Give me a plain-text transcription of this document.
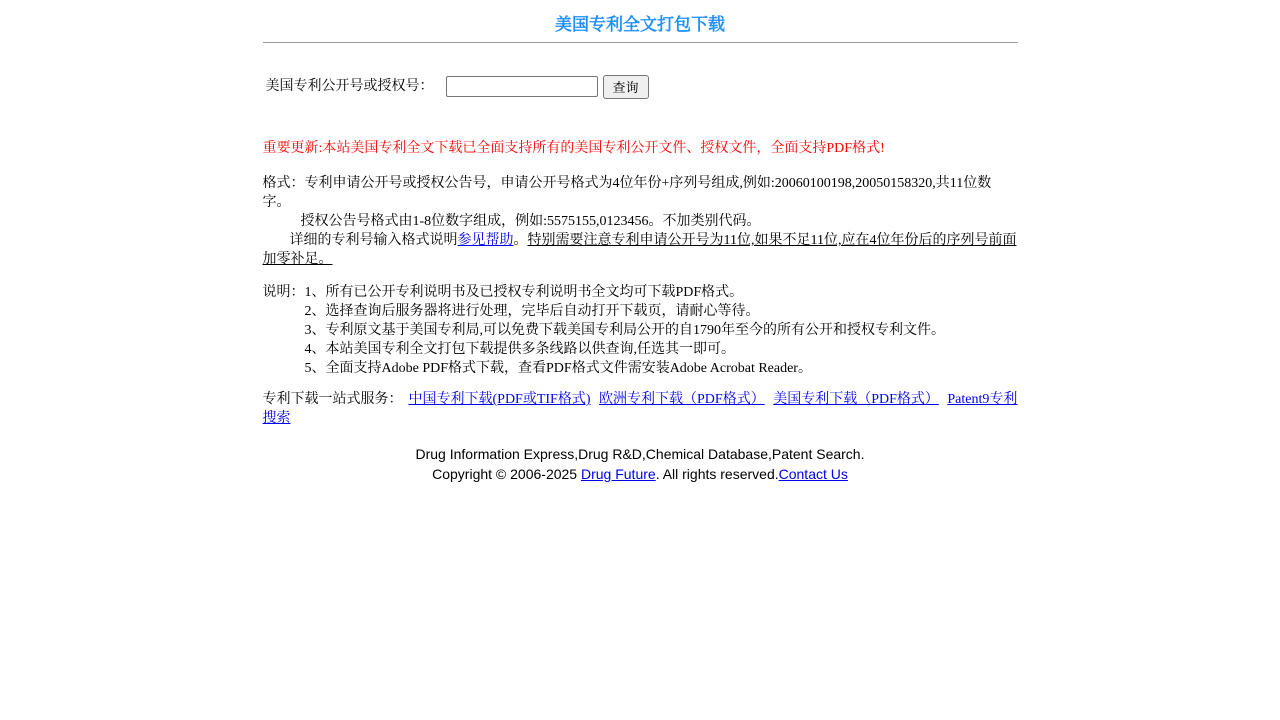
美国专利全文打包下载
美国专利公开号或授权号：	查询

重要更新:本站美国专利全文下载已全面支持所有的美国专利公开文件、授权文件，全面支持PDF格式!

格式：专利申请公开号或授权公告号，申请公开号格式为4位年份+序列号组成,例如:20060100198,20050158320,共11位数字。
授权公告号格式由1-8位数字组成，例如:5575155,0123456。不加类别代码。
详细的专利号输入格式说明参见帮助。特别需要注意专利申请公开号为11位,如果不足11位,应在4位年份后的序列号前面加零补足。

说明： 1、所有已公开专利说明书及已授权专利说明书全文均可下载PDF格式。
2、选择查询后服务器将进行处理，完毕后自动打开下载页，请耐心等待。
3、专利原文基于美国专利局,可以免费下载美国专利局公开的自1790年至今的所有公开和授权专利文件。
4、本站美国专利全文打包下载提供多条线路以供查询,任选其一即可。
5、全面支持Adobe PDF格式下载，查看PDF格式文件需安装Adobe Acrobat Reader。

专利下载一站式服务： 中国专利下载(PDF或TIF格式) 欧洲专利下载（PDF格式） 美国专利下载（PDF格式） Patent9专利搜索

Drug Information Express,Drug R&D,Chemical Database,Patent Search.
Copyright © 2006-2025 Drug Future. All rights reserved.Contact Us
